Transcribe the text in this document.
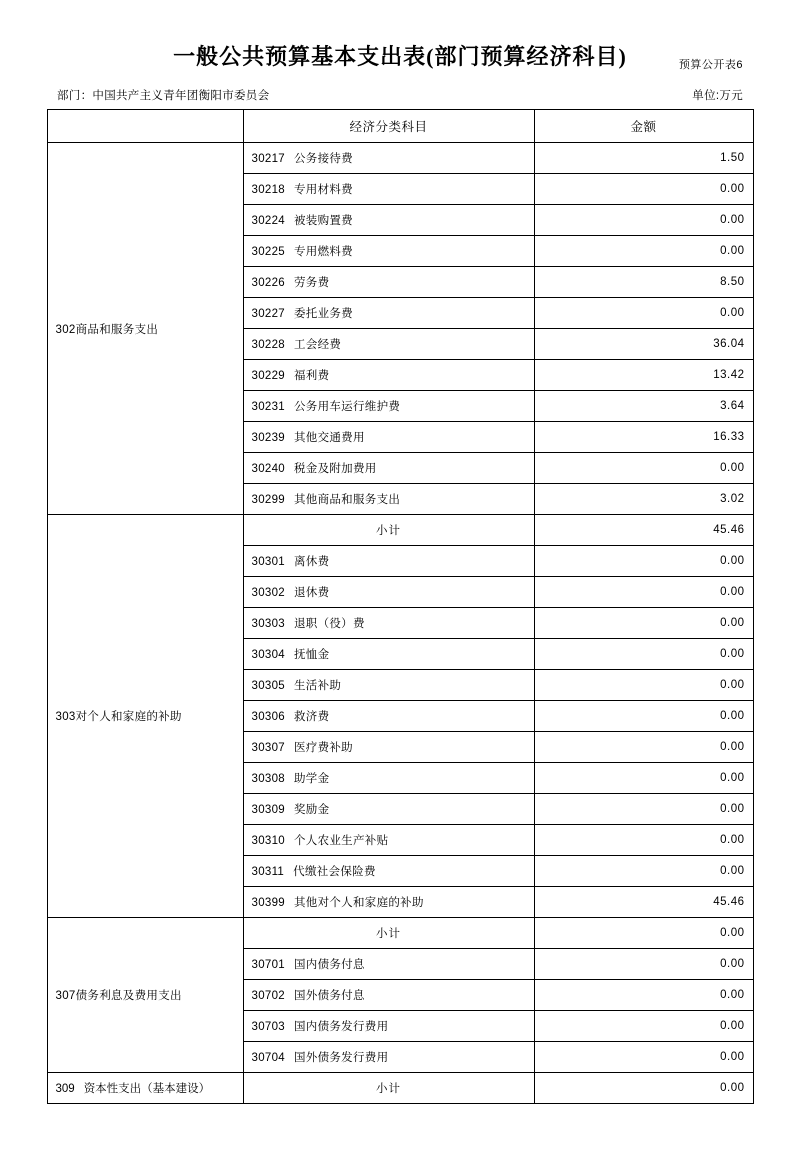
预算公开表6
一般公共预算基本支出表(部门预算经济科目)
部门：中国共产主义青年团衡阳市委员会	单位:万元
	经济分类科目	金额
302商品和服务支出	30217 公务接待费	1.50
	30218 专用材料费	0.00
	30224 被装购置费	0.00
	30225 专用燃料费	0.00
	30226 劳务费	8.50
	30227 委托业务费	0.00
	30228 工会经费	36.04
	30229 福利费	13.42
	30231 公务用车运行维护费	3.64
	30239 其他交通费用	16.33
	30240 税金及附加费用	0.00
	30299 其他商品和服务支出	3.02
303对个人和家庭的补助	小计	45.46
	30301 离休费	0.00
	30302 退休费	0.00
	30303 退职（役）费	0.00
	30304 抚恤金	0.00
	30305 生活补助	0.00
	30306 救济费	0.00
	30307 医疗费补助	0.00
	30308 助学金	0.00
	30309 奖励金	0.00
	30310 个人农业生产补贴	0.00
	30311 代缴社会保险费	0.00
	30399 其他对个人和家庭的补助	45.46
307债务利息及费用支出	小计	0.00
	30701 国内债务付息	0.00
	30702 国外债务付息	0.00
	30703 国内债务发行费用	0.00
	30704 国外债务发行费用	0.00
309 资本性支出（基本建设）	小计	0.00
